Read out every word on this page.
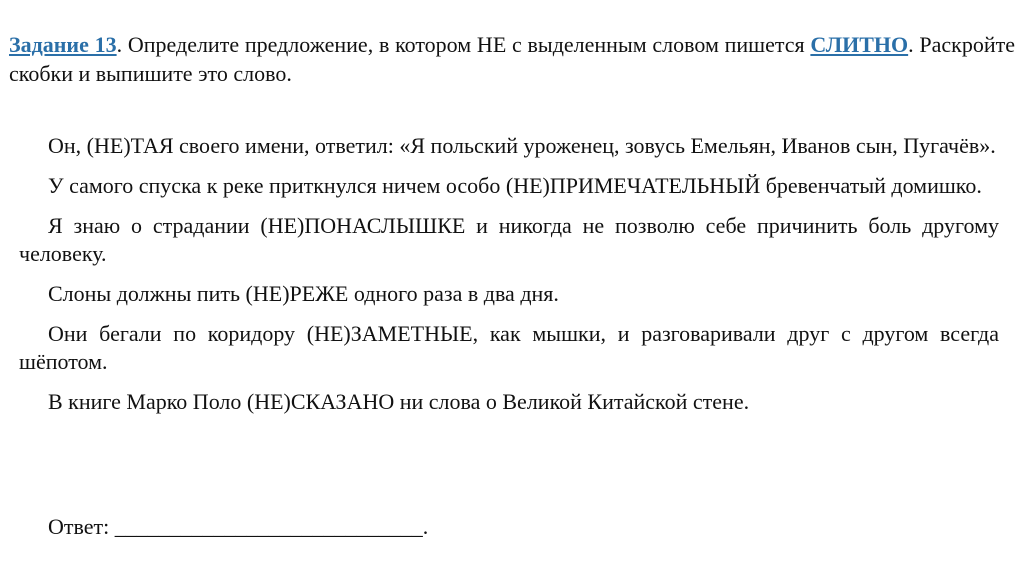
Задание 13. Определите предложение, в котором НЕ с выделенным словом пишется СЛИТНО. Раскройте скобки и выпишите это слово.

Он, (НЕ)ТАЯ своего имени, ответил: «Я польский уроженец, зовусь Емельян, Иванов сын, Пугачёв».

У самого спуска к реке приткнулся ничем особо (НЕ)ПРИМЕЧАТЕЛЬНЫЙ бревенчатый домишко.

Я знаю о страдании (НЕ)ПОНАСЛЫШКЕ и никогда не позволю себе причинить боль другому человеку.

Слоны должны пить (НЕ)РЕЖЕ одного раза в два дня.

Они бегали по коридору (НЕ)ЗАМЕТНЫЕ, как мышки, и разговаривали друг с другом всегда шёпотом.

В книге Марко Поло (НЕ)СКАЗАНО ни слова о Великой Китайской стене.

Ответ: ____________________________.
